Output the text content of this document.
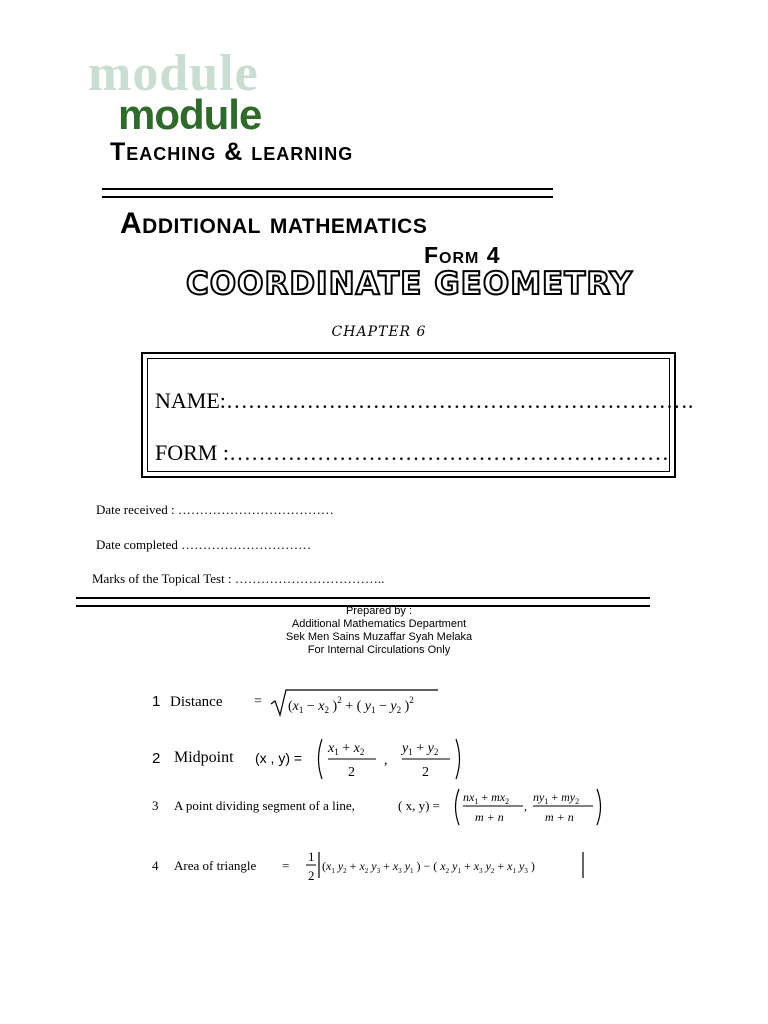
module
module
Teaching & learning
Additional mathematics
Form 4
COORDINATE GEOMETRY
CHAPTER 6
NAME:……………………………………………………….
FORM :……………………………………………………
Date received : ………………………………
Date completed …………………………
Marks of the Topical Test : ……………………………..
Prepared by :
Additional Mathematics Department
Sek Men Sains Muzaffar Syah Melaka
For Internal Circulations Only
1 Distance = ($x_1 - x_2$ )$^2$ + ( $y_1 - y_2$ )$^2$
2 Midpoint (x , y) =
$x_1 + x_2$
2
,
$y_1 + y_2$
2
3 A point dividing segment of a line,	( x, y) =
$nx_1 + mx_2$
m + n
,
$ny_1 + my_2$
m + n
4 Area of triangle =
1
2
($x_1$ $y_2 + x_2$ $y_3 + x_3$ $y_1$ ) − ( $x_2$ $y_1 + x_3$ $y_2 + x_1$ $y_3$ )
